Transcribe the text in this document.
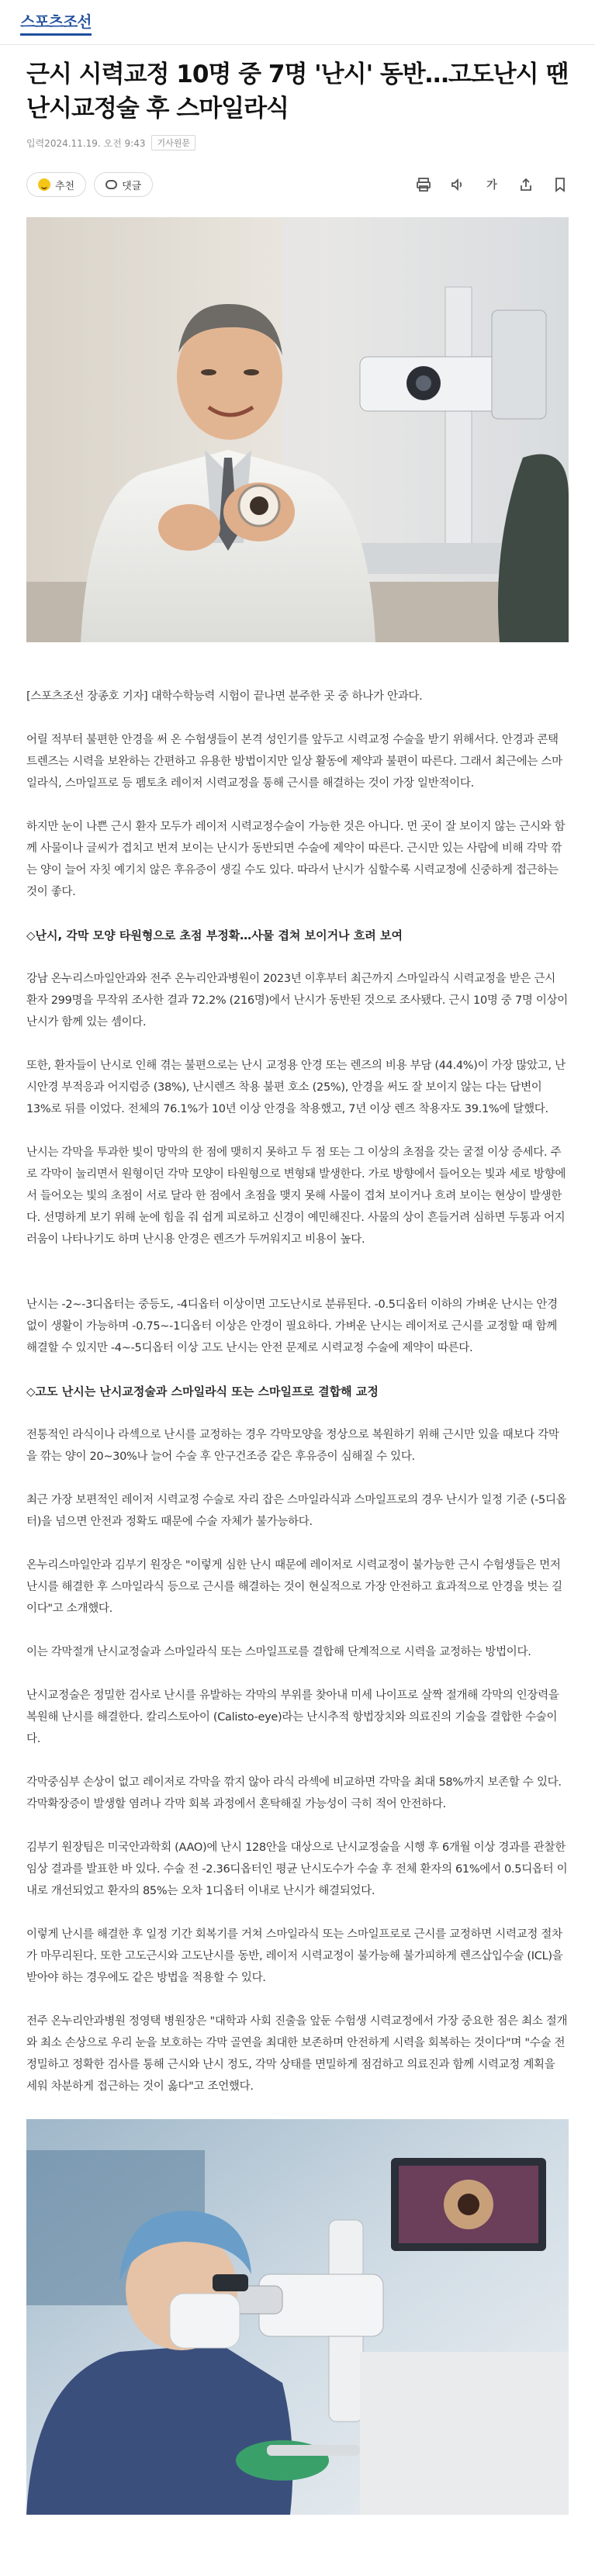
스포츠조선
근시 시력교정 10명 중 7명 '난시' 동반…고도난시 땐 난시교정술 후 스마일라식
입력2024.11.19. 오전 9:43	기사원문
추천	댓글	가

[스포츠조선 장종호 기자] 대학수학능력 시험이 끝나면 분주한 곳 중 하나가 안과다.

어릴 적부터 불편한 안경을 써 온 수험생들이 본격 성인기를 앞두고 시력교정 수술을 받기 위해서다. 안경과 콘택트렌즈는 시력을 보완하는 간편하고 유용한 방법이지만 일상 활동에 제약과 불편이 따른다. 그래서 최근에는 스마일라식, 스마일프로 등 펨토초 레이저 시력교정을 통해 근시를 해결하는 것이 가장 일반적이다.

하지만 눈이 나쁜 근시 환자 모두가 레이저 시력교정수술이 가능한 것은 아니다. 먼 곳이 잘 보이지 않는 근시와 함께 사물이나 글씨가 겹치고 번져 보이는 난시가 동반되면 수술에 제약이 따른다. 근시만 있는 사람에 비해 각막 깎는 양이 늘어 자칫 예기치 않은 후유증이 생길 수도 있다. 따라서 난시가 심할수록 시력교정에 신중하게 접근하는 것이 좋다.

◇난시, 각막 모양 타원형으로 초점 부정확…사물 겹쳐 보이거나 흐려 보여

강남 온누리스마일안과와 전주 온누리안과병원이 2023년 이후부터 최근까지 스마일라식 시력교정을 받은 근시 환자 299명을 무작위 조사한 결과 72.2% (216명)에서 난시가 동반된 것으로 조사됐다. 근시 10명 중 7명 이상이 난시가 함께 있는 셈이다.

또한, 환자들이 난시로 인해 겪는 불편으로는 난시 교정용 안경 또는 렌즈의 비용 부담 (44.4%)이 가장 많았고, 난시안경 부적응과 어지럼증 (38%), 난시렌즈 착용 불편 호소 (25%), 안경을 써도 잘 보이지 않는 다는 답변이 13%로 뒤를 이었다. 전체의 76.1%가 10년 이상 안경을 착용했고, 7년 이상 렌즈 착용자도 39.1%에 달했다.

난시는 각막을 투과한 빛이 망막의 한 점에 맺히지 못하고 두 점 또는 그 이상의 초점을 갖는 굴절 이상 증세다. 주로 각막이 눌리면서 원형이던 각막 모양이 타원형으로 변형돼 발생한다. 가로 방향에서 들어오는 빛과 세로 방향에서 들어오는 빛의 초점이 서로 달라 한 점에서 초점을 맺지 못해 사물이 겹쳐 보이거나 흐려 보이는 현상이 발생한다. 선명하게 보기 위해 눈에 힘을 줘 쉽게 피로하고 신경이 예민해진다. 사물의 상이 흔들거려 심하면 두통과 어지러움이 나타나기도 하며 난시용 안경은 렌즈가 두꺼워지고 비용이 높다.

난시는 -2~-3디옵터는 중등도, -4디옵터 이상이면 고도난시로 분류된다. -0.5디옵터 이하의 가벼운 난시는 안경 없이 생활이 가능하며 -0.75~-1디옵터 이상은 안경이 필요하다. 가벼운 난시는 레이저로 근시를 교정할 때 함께 해결할 수 있지만 -4~-5디옵터 이상 고도 난시는 안전 문제로 시력교정 수술에 제약이 따른다.

◇고도 난시는 난시교정술과 스마일라식 또는 스마일프로 결합해 교정

전통적인 라식이나 라섹으로 난시를 교정하는 경우 각막모양을 정상으로 복원하기 위해 근시만 있을 때보다 각막을 깎는 양이 20~30%나 늘어 수술 후 안구건조증 같은 후유증이 심해질 수 있다.

최근 가장 보편적인 레이저 시력교정 수술로 자리 잡은 스마일라식과 스마일프로의 경우 난시가 일정 기준 (-5디옵터)을 넘으면 안전과 정확도 때문에 수술 자체가 불가능하다.

온누리스마일안과 김부기 원장은 "이렇게 심한 난시 때문에 레이저로 시력교정이 불가능한 근시 수험생들은 먼저 난시를 해결한 후 스마일라식 등으로 근시를 해결하는 것이 현실적으로 가장 안전하고 효과적으로 안경을 벗는 길이다"고 소개했다.

이는 각막절개 난시교정술과 스마일라식 또는 스마일프로를 결합해 단계적으로 시력을 교정하는 방법이다.

난시교정술은 정밀한 검사로 난시를 유발하는 각막의 부위를 찾아내 미세 나이프로 살짝 절개해 각막의 인장력을 복원해 난시를 해결한다. 칼리스토아이 (Calisto-eye)라는 난시추적 항법장치와 의료진의 기술을 결합한 수술이다.

각막중심부 손상이 없고 레이저로 각막을 깎지 않아 라식 라섹에 비교하면 각막을 최대 58%까지 보존할 수 있다. 각막확장증이 발생할 염려나 각막 회복 과정에서 혼탁해질 가능성이 극히 적어 안전하다.

김부기 원장팀은 미국안과학회 (AAO)에 난시 128안을 대상으로 난시교정술을 시행 후 6개월 이상 경과를 관찰한 임상 결과를 발표한 바 있다. 수술 전 -2.36디옵터인 평균 난시도수가 수술 후 전체 환자의 61%에서 0.5디옵터 이내로 개선되었고 환자의 85%는 오차 1디옵터 이내로 난시가 해결되었다.

이렇게 난시를 해결한 후 일정 기간 회복기를 거쳐 스마일라식 또는 스마일프로로 근시를 교정하면 시력교정 절차가 마무리된다. 또한 고도근시와 고도난시를 동반, 레이저 시력교정이 불가능해 불가피하게 렌즈삽입수술 (ICL)을 받아야 하는 경우에도 같은 방법을 적용할 수 있다.

전주 온누리안과병원 정영택 병원장은 "대학과 사회 진출을 앞둔 수험생 시력교정에서 가장 중요한 점은 최소 절개와 최소 손상으로 우리 눈을 보호하는 각막 골연을 최대한 보존하며 안전하게 시력을 회복하는 것이다"며 "수술 전 정밀하고 정확한 검사를 통해 근시와 난시 정도, 각막 상태를 면밀하게 점검하고 의료진과 함께 시력교정 계획을 세워 차분하게 접근하는 것이 옳다"고 조언했다.
